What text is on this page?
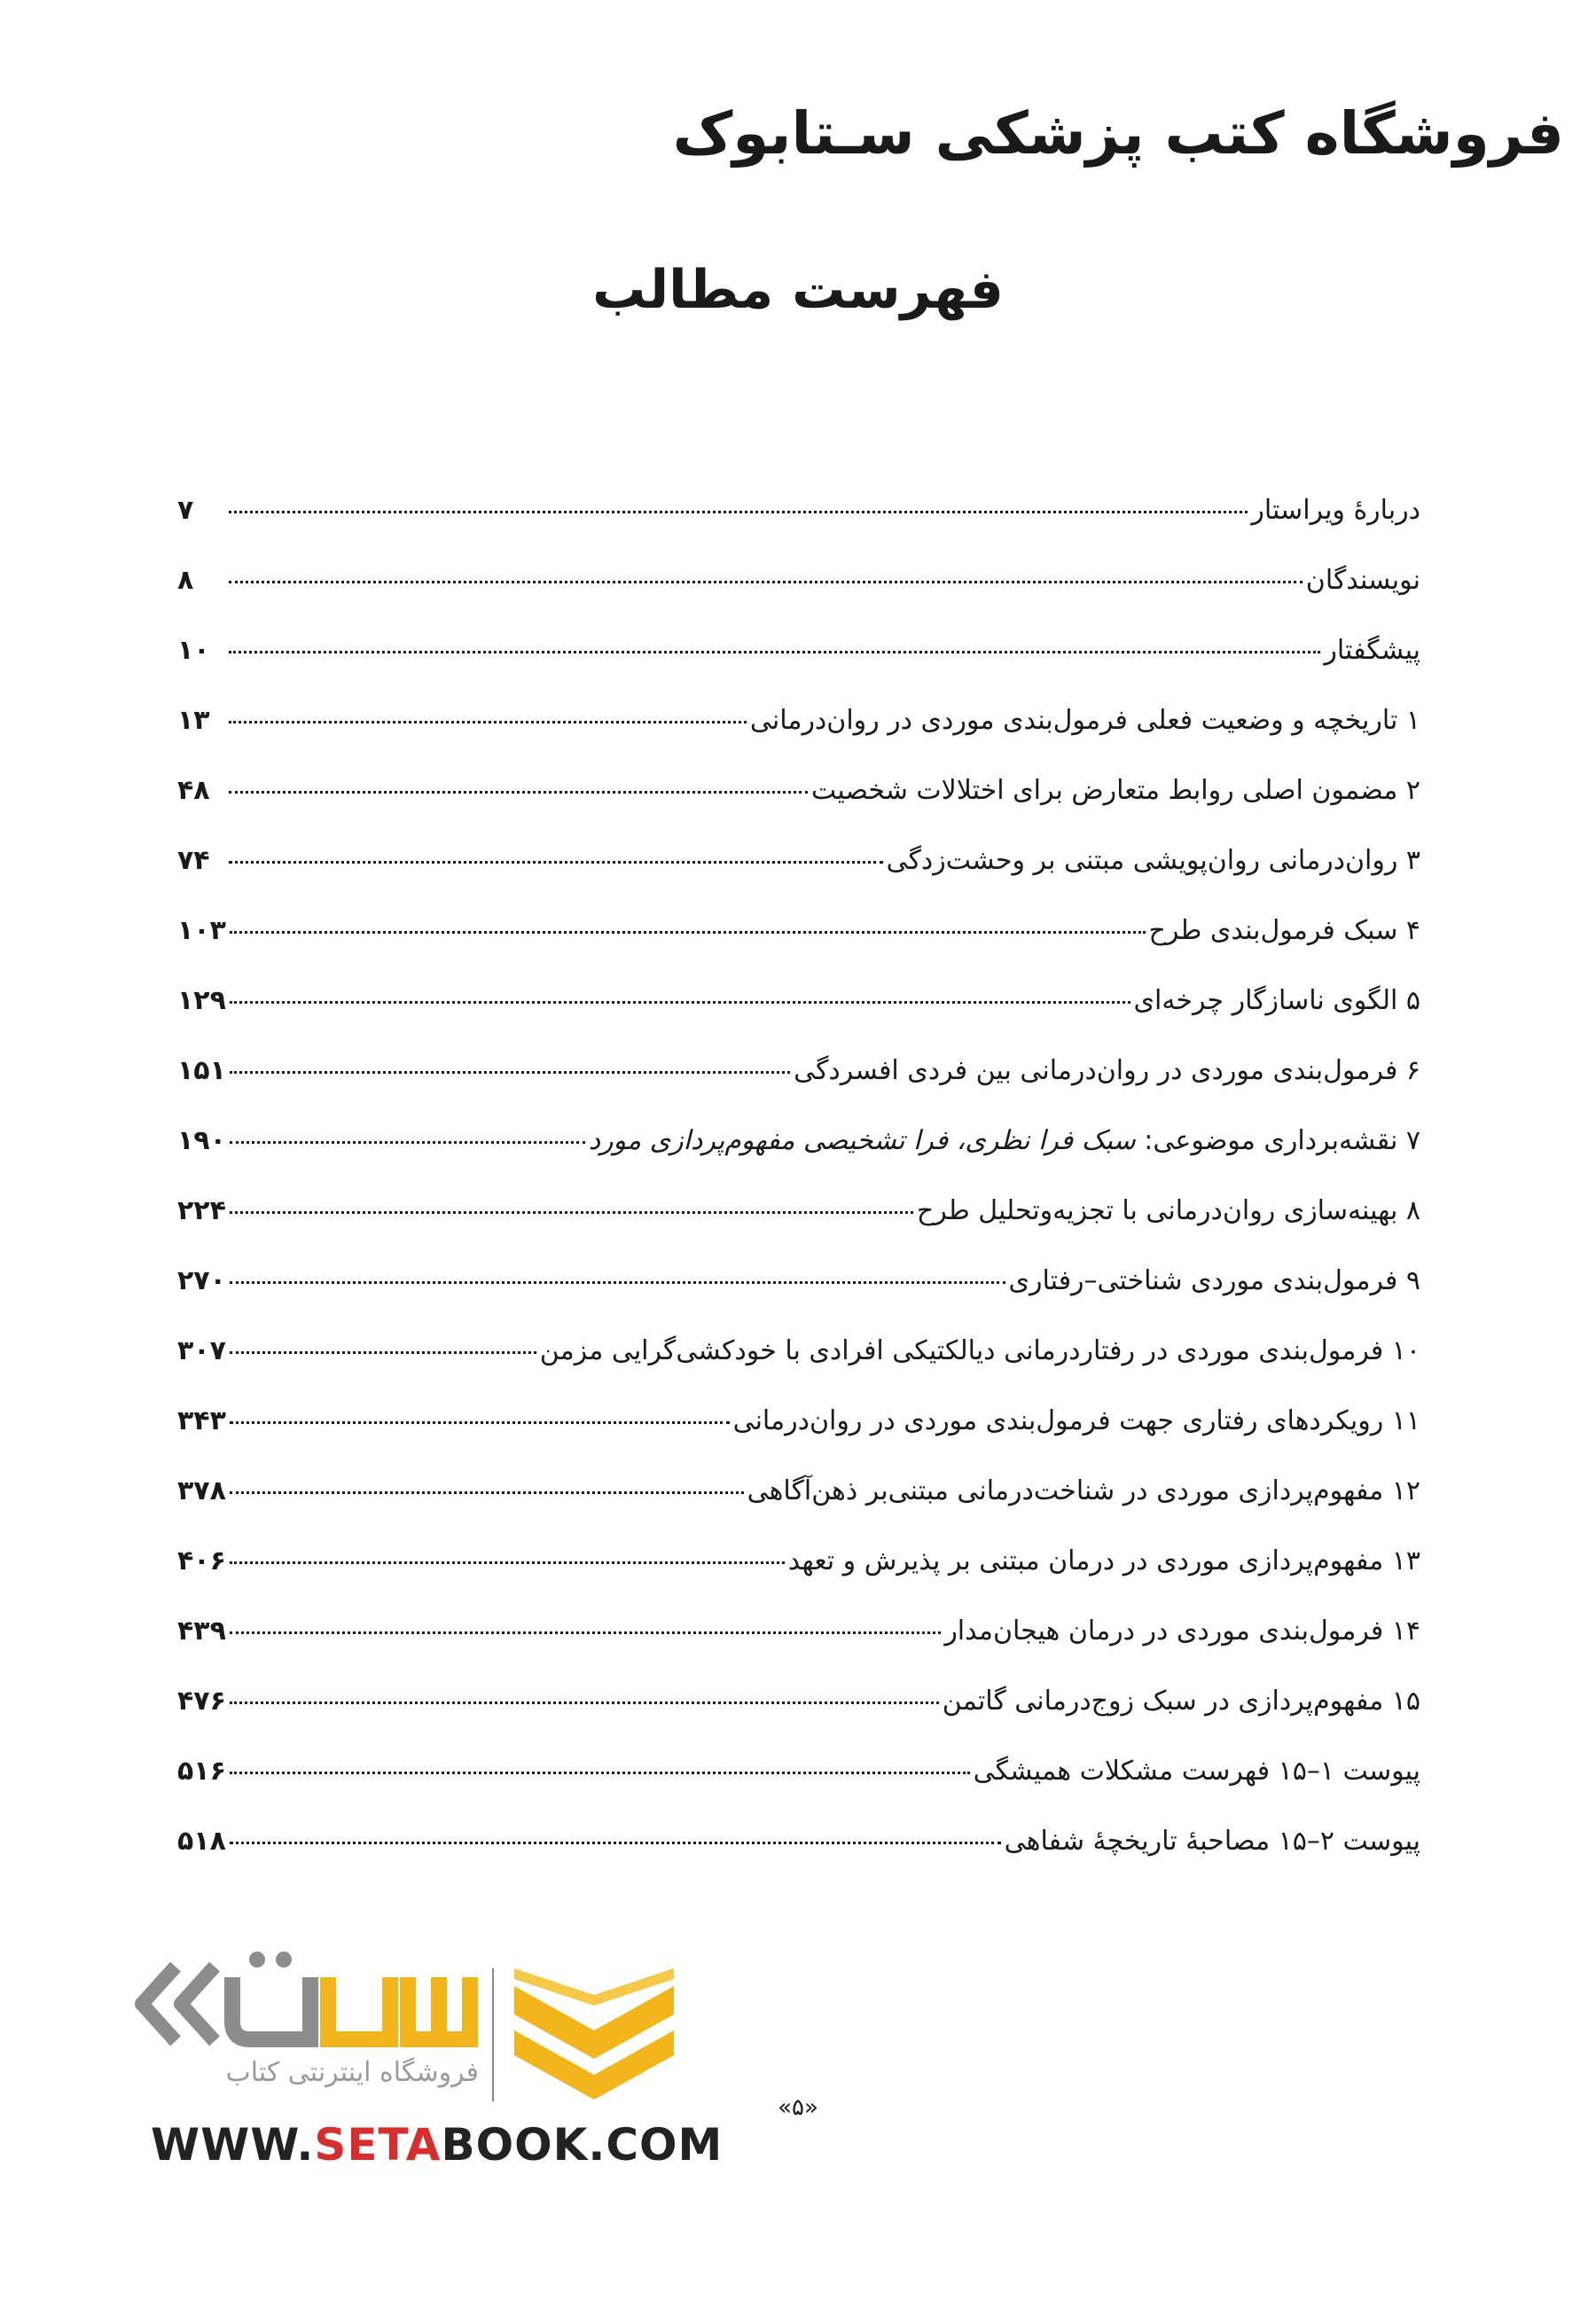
فروشگاه کتب پزشکی سـتابوک
فهرست مطالب
دربارۀ ویراستار
۷
نویسندگان
۸
پیشگفتار
۱۰
۱ تاریخچه و وضعیت فعلی فرمول‌بندی موردی در روان‌درمانی
۱۳
۲ مضمون اصلی روابط متعارض برای اختلالات شخصیت
۴۸
۳ روان‌درمانی روان‌پویشی مبتنی بر وحشت‌زدگی
۷۴
۴ سبک فرمول‌بندی طرح
۱۰۳
۵ الگوی ناسازگار چرخه‌ای
۱۲۹
۶ فرمول‌بندی موردی در روان‌درمانی بین فردی افسردگی
۱۵۱
۷ نقشه‌برداری موضوعی: سبک فرا نظری، فرا تشخیصی مفهوم‌پردازی مورد
۱۹۰
۸ بهینه‌سازی روان‌درمانی با تجزیه‌وتحلیل طرح
۲۲۴
۹ فرمول‌بندی موردی شناختی–رفتاری
۲۷۰
۱۰ فرمول‌بندی موردی در رفتاردرمانی دیالکتیکی افرادی با خودکشی‌گرایی مزمن
۳۰۷
۱۱ رویکردهای رفتاری جهت فرمول‌بندی موردی در روان‌درمانی
۳۴۳
۱۲ مفهوم‌پردازی موردی در شناخت‌درمانی مبتنی‌بر ذهن‌آگاهی
۳۷۸
۱۳ مفهوم‌پردازی موردی در درمان مبتنی بر پذیرش و تعهد
۴۰۶
۱۴ فرمول‌بندی موردی در درمان هیجان‌مدار
۴۳۹
۱۵ مفهوم‌پردازی در سبک زوج‌درمانی گاتمن
۴۷۶
پیوست ۱–۱۵ فهرست مشکلات همیشگی
۵۱۶
پیوست ۲–۱۵ مصاحبۀ تاریخچۀ شفاهی
۵۱۸
فروشگاه اینترنتی کتاب
WWW.SETABOOK.COM
«۵»
